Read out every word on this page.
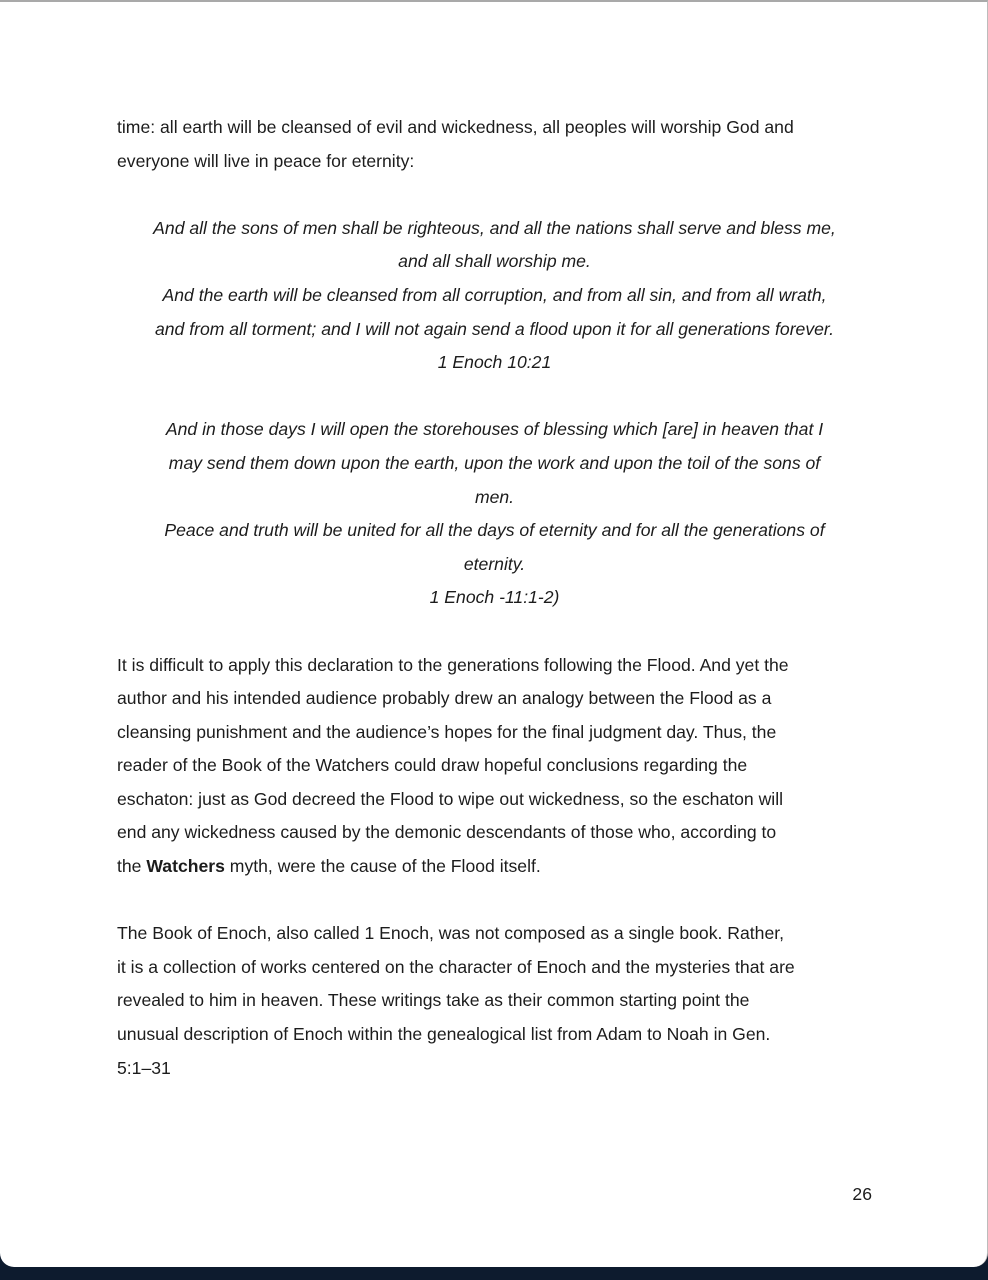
time: all earth will be cleansed of evil and wickedness, all peoples will worship God and
everyone will live in peace for eternity:
And all the sons of men shall be righteous, and all the nations shall serve and bless me,
and all shall worship me.
And the earth will be cleansed from all corruption, and from all sin, and from all wrath,
and from all torment; and I will not again send a flood upon it for all generations forever.
1 Enoch 10:21
And in those days I will open the storehouses of blessing which [are] in heaven that I
may send them down upon the earth, upon the work and upon the toil of the sons of
men.
Peace and truth will be united for all the days of eternity and for all the generations of
eternity.
1 Enoch -11:1-2)
It is difficult to apply this declaration to the generations following the Flood. And yet the
author and his intended audience probably drew an analogy between the Flood as a
cleansing punishment and the audience’s hopes for the final judgment day. Thus, the
reader of the Book of the Watchers could draw hopeful conclusions regarding the
eschaton: just as God decreed the Flood to wipe out wickedness, so the eschaton will
end any wickedness caused by the demonic descendants of those who, according to
the Watchers myth, were the cause of the Flood itself.
The Book of Enoch, also called 1 Enoch, was not composed as a single book. Rather,
it is a collection of works centered on the character of Enoch and the mysteries that are
revealed to him in heaven. These writings take as their common starting point the
unusual description of Enoch within the genealogical list from Adam to Noah in Gen.
5:1–31
26
